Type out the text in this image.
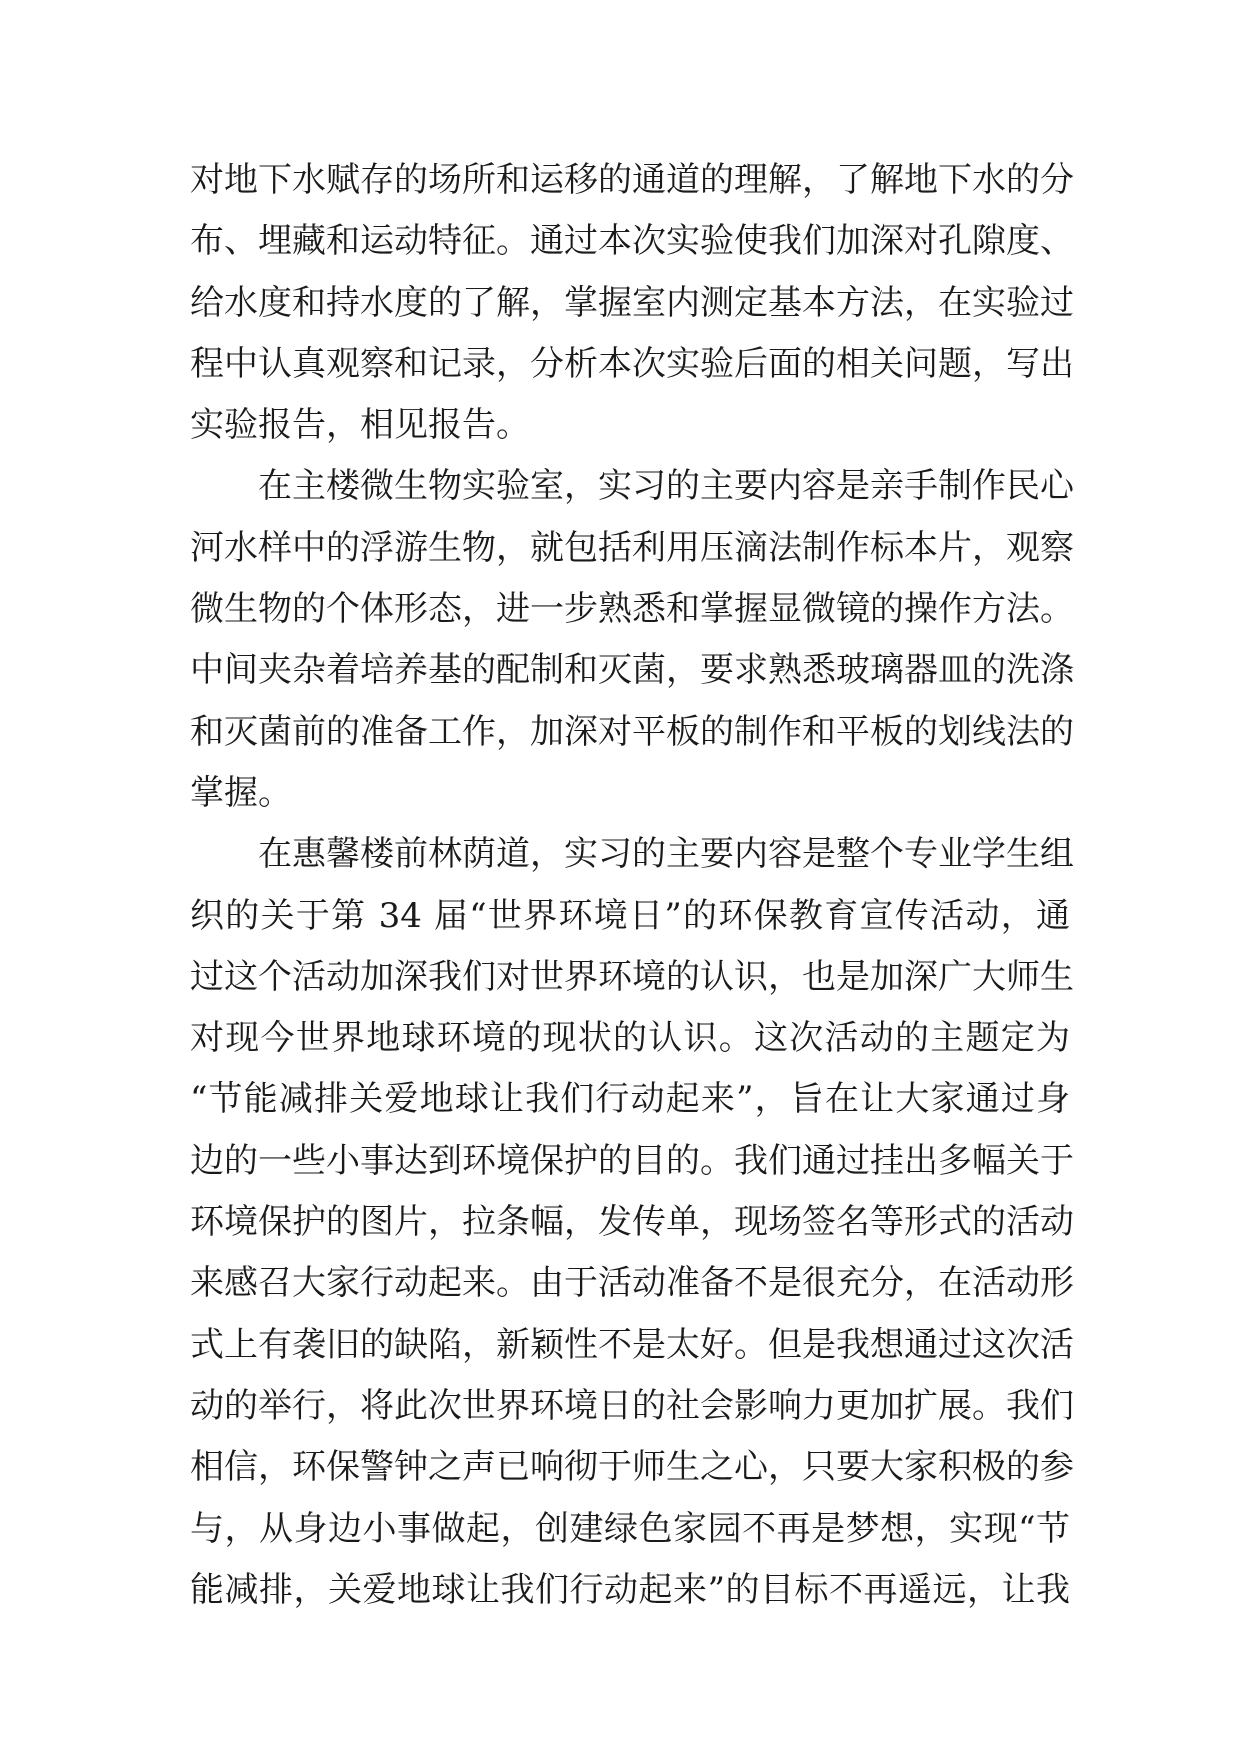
对地下水赋存的场所和运移的通道的理解，了解地下水的分
布、埋藏和运动特征。通过本次实验使我们加深对孔隙度、
给水度和持水度的了解，掌握室内测定基本方法，在实验过
程中认真观察和记录，分析本次实验后面的相关问题，写出
实验报告，相见报告。
在主楼微生物实验室，实习的主要内容是亲手制作民心
河水样中的浮游生物，就包括利用压滴法制作标本片，观察
微生物的个体形态，进一步熟悉和掌握显微镜的操作方法。
中间夹杂着培养基的配制和灭菌，要求熟悉玻璃器皿的洗涤
和灭菌前的准备工作，加深对平板的制作和平板的划线法的
掌握。
在惠馨楼前林荫道，实习的主要内容是整个专业学生组
织的关于第 34 届“世界环境日”的环保教育宣传活动，通
过这个活动加深我们对世界环境的认识，也是加深广大师生
对现今世界地球环境的现状的认识。这次活动的主题定为
“节能减排关爱地球让我们行动起来”，旨在让大家通过身
边的一些小事达到环境保护的目的。我们通过挂出多幅关于
环境保护的图片，拉条幅，发传单，现场签名等形式的活动
来感召大家行动起来。由于活动准备不是很充分，在活动形
式上有袭旧的缺陷，新颖性不是太好。但是我想通过这次活
动的举行，将此次世界环境日的社会影响力更加扩展。我们
相信，环保警钟之声已响彻于师生之心，只要大家积极的参
与，从身边小事做起，创建绿色家园不再是梦想，实现“节
能减排，关爱地球让我们行动起来”的目标不再遥远，让我
